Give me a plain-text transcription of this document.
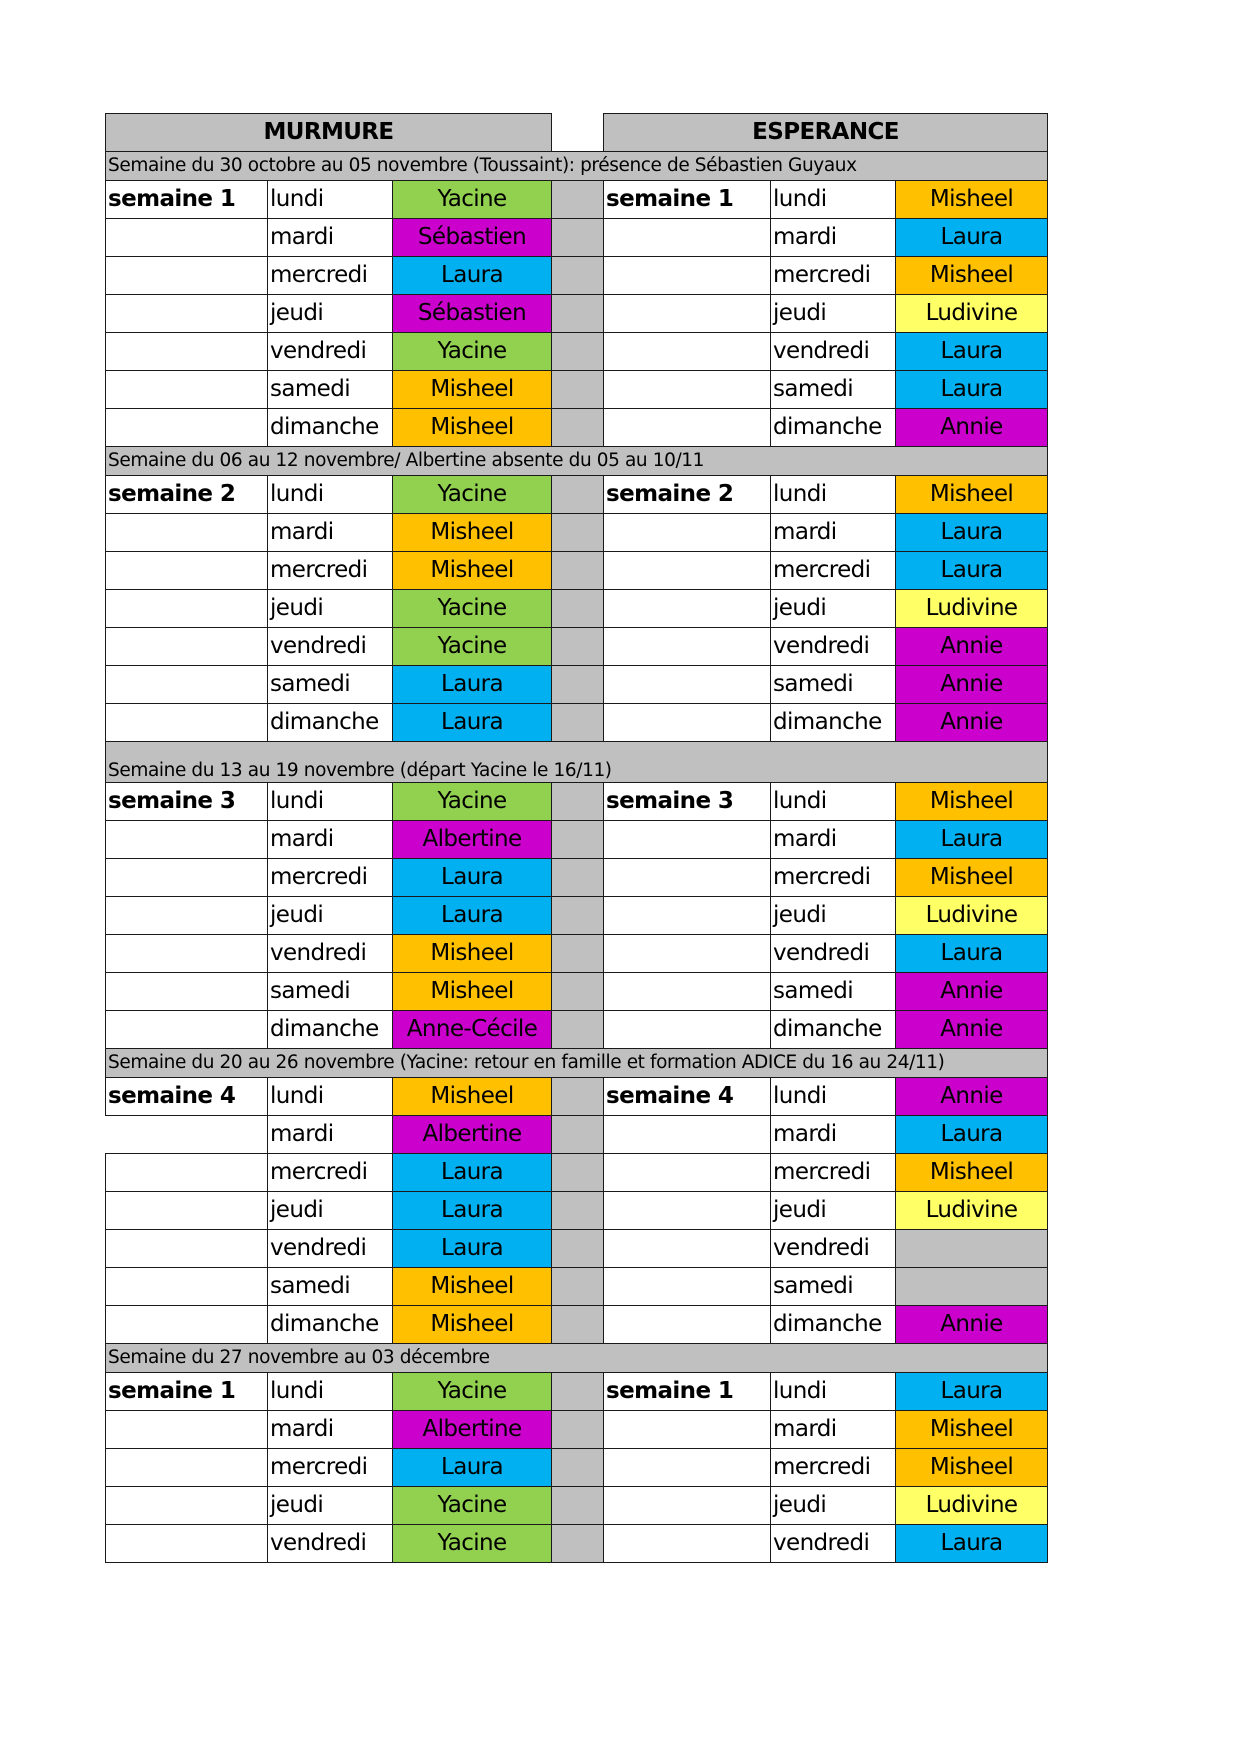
MURMURE				ESPERANCE		
Semaine du 30 octobre au 05 novembre (Toussaint): présence de Sébastien Guyaux						
semaine 1	lundi	Yacine		semaine 1	lundi	Misheel
	mardi	Sébastien			mardi	Laura
	mercredi	Laura			mercredi	Misheel
	jeudi	Sébastien			jeudi	Ludivine
	vendredi	Yacine			vendredi	Laura
	samedi	Misheel			samedi	Laura
	dimanche	Misheel			dimanche	Annie
Semaine du 06 au 12 novembre/ Albertine absente du 05 au 10/11						
semaine 2	lundi	Yacine		semaine 2	lundi	Misheel
	mardi	Misheel			mardi	Laura
	mercredi	Misheel			mercredi	Laura
	jeudi	Yacine			jeudi	Ludivine
	vendredi	Yacine			vendredi	Annie
	samedi	Laura			samedi	Annie
	dimanche	Laura			dimanche	Annie
Semaine du 13 au 19 novembre (départ Yacine le 16/11)						
semaine 3	lundi	Yacine		semaine 3	lundi	Misheel
	mardi	Albertine			mardi	Laura
	mercredi	Laura			mercredi	Misheel
	jeudi	Laura			jeudi	Ludivine
	vendredi	Misheel			vendredi	Laura
	samedi	Misheel			samedi	Annie
	dimanche	Anne-Cécile			dimanche	Annie
Semaine du 20 au 26 novembre (Yacine: retour en famille et formation ADICE du 16 au 24/11)						
semaine 4	lundi	Misheel		semaine 4	lundi	Annie
	mardi	Albertine			mardi	Laura
	mercredi	Laura			mercredi	Misheel
	jeudi	Laura			jeudi	Ludivine
	vendredi	Laura			vendredi	
	samedi	Misheel			samedi	
	dimanche	Misheel			dimanche	Annie
Semaine du 27 novembre au 03 décembre						
semaine 1	lundi	Yacine		semaine 1	lundi	Laura
	mardi	Albertine			mardi	Misheel
	mercredi	Laura			mercredi	Misheel
	jeudi	Yacine			jeudi	Ludivine
	vendredi	Yacine			vendredi	Laura
